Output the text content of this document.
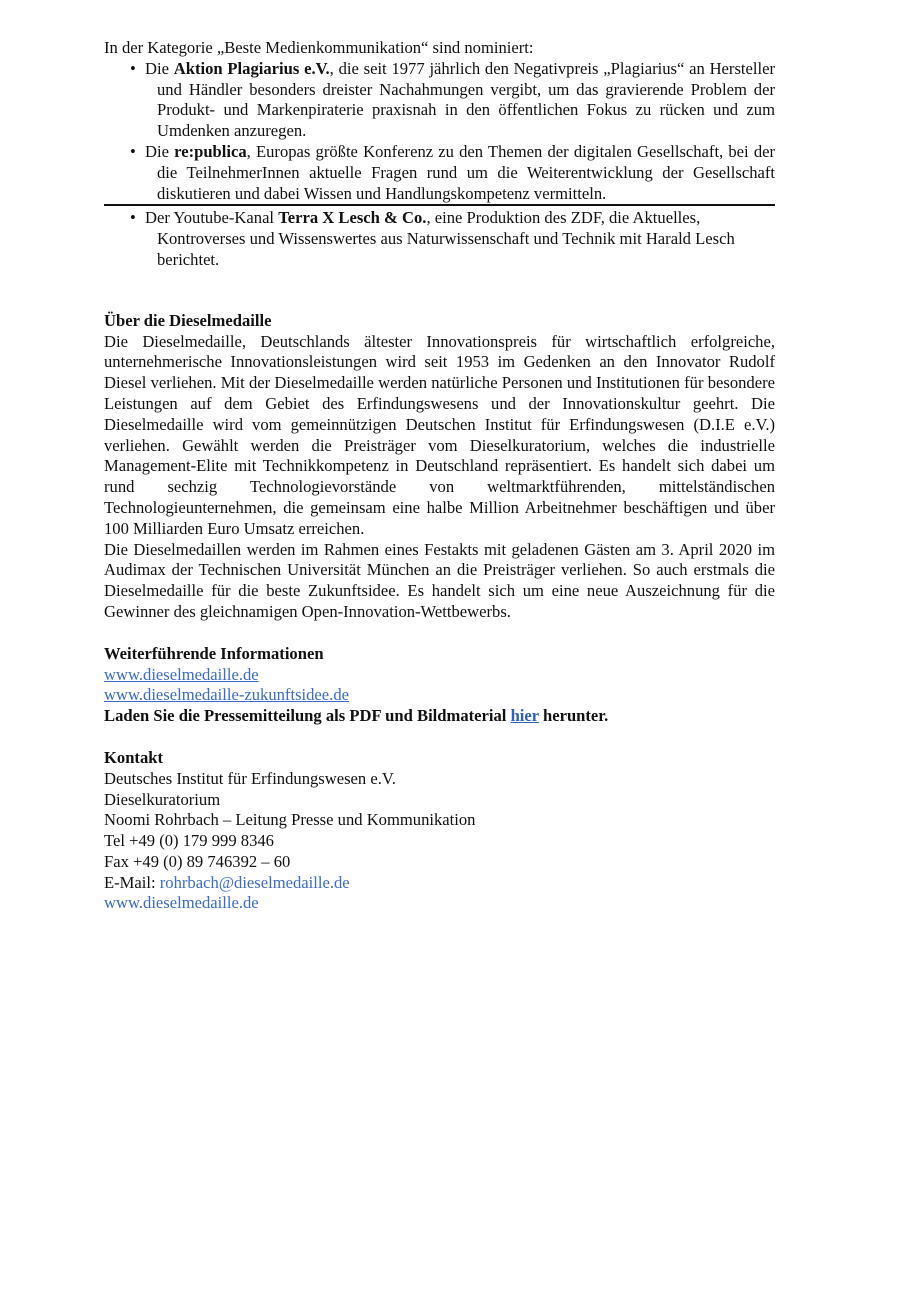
In der Kategorie „Beste Medienkommunikation“ sind nominiert:

• Die Aktion Plagiarius e.V., die seit 1977 jährlich den Negativpreis „Plagiarius“ an Hersteller und Händler besonders dreister Nachahmungen vergibt, um das gravierende Problem der Produkt- und Markenpiraterie praxisnah in den öffentlichen Fokus zu rücken und zum Umdenken anzuregen.
• Die re:publica, Europas größte Konferenz zu den Themen der digitalen Gesellschaft, bei der die TeilnehmerInnen aktuelle Fragen rund um die Weiterentwicklung der Gesellschaft diskutieren und dabei Wissen und Handlungskompetenz vermitteln.
• Der Youtube-Kanal Terra X Lesch & Co., eine Produktion des ZDF, die Aktuelles, Kontroverses und Wissenswertes aus Naturwissenschaft und Technik mit Harald Lesch berichtet.

Über die Dieselmedaille

Die Dieselmedaille, Deutschlands ältester Innovationspreis für wirtschaftlich erfolgreiche, unternehmerische Innovationsleistungen wird seit 1953 im Gedenken an den Innovator Rudolf Diesel verliehen. Mit der Dieselmedaille werden natürliche Personen und Institutionen für besondere Leistungen auf dem Gebiet des Erfindungswesens und der Innovationskultur geehrt. Die Dieselmedaille wird vom gemeinnützigen Deutschen Institut für Erfindungswesen (D.I.E e.V.) verliehen. Gewählt werden die Preisträger vom Dieselkuratorium, welches die industrielle Management-Elite mit Technikkompetenz in Deutschland repräsentiert. Es handelt sich dabei um rund sechzig Technologievorstände von weltmarktführenden, mittelständischen Technologieunternehmen, die gemeinsam eine halbe Million Arbeitnehmer beschäftigen und über 100 Milliarden Euro Umsatz erreichen.

Die Dieselmedaillen werden im Rahmen eines Festakts mit geladenen Gästen am 3. April 2020 im Audimax der Technischen Universität München an die Preisträger verliehen. So auch erstmals die Dieselmedaille für die beste Zukunftsidee. Es handelt sich um eine neue Auszeichnung für die Gewinner des gleichnamigen Open-Innovation-Wettbewerbs.

Weiterführende Informationen

www.dieselmedaille.de

www.dieselmedaille-zukunftsidee.de

Laden Sie die Pressemitteilung als PDF und Bildmaterial hier herunter.

Kontakt

Deutsches Institut für Erfindungswesen e.V.

Dieselkuratorium

Noomi Rohrbach – Leitung Presse und Kommunikation

Tel +49 (0) 179 999 8346

Fax +49 (0) 89 746392 – 60

E-Mail: rohrbach@dieselmedaille.de

www.dieselmedaille.de
